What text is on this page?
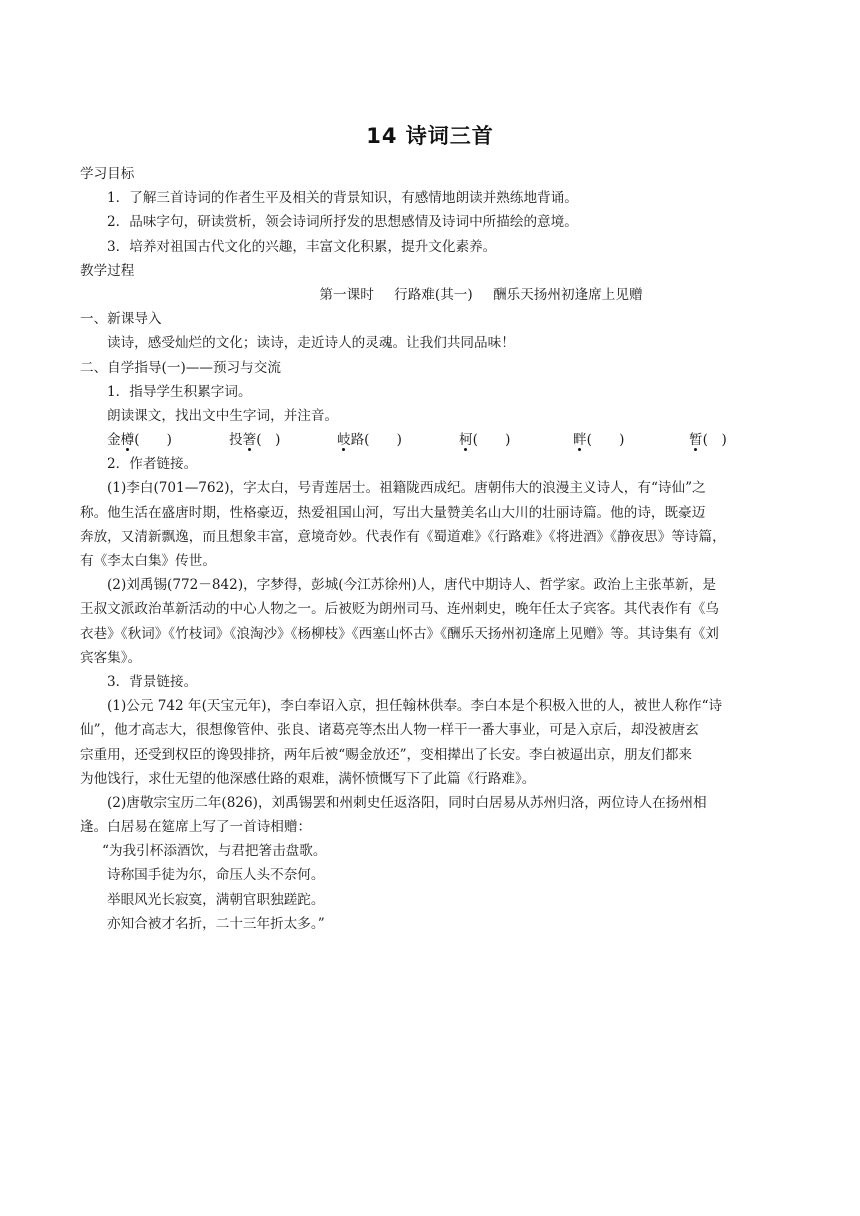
14 诗词三首
学习目标
1．了解三首诗词的作者生平及相关的背景知识，有感情地朗读并熟练地背诵。
2．品味字句，研读赏析，领会诗词所抒发的思想感情及诗词中所描绘的意境。
3．培养对祖国古代文化的兴趣，丰富文化积累，提升文化素养。
教学过程
第一课时 行路难(其一) 酬乐天扬州初逢席上见赠
一、新课导入
读诗，感受灿烂的文化；读诗，走近诗人的灵魂。让我们共同品味！
二、自学指导(一)——预习与交流
1．指导学生积累字词。
朗读课文，找出文中生字词，并注音。
金樽(　　)	投箸(　)	岐路(　　)	柯(　　)	畔(　　)	暂(　)
2．作者链接。
(1)李白(701—762)，字太白，号青莲居士。祖籍陇西成纪。唐朝伟大的浪漫主义诗人，有“诗仙”之
称。他生活在盛唐时期，性格豪迈，热爱祖国山河，写出大量赞美名山大川的壮丽诗篇。他的诗，既豪迈
奔放，又清新飘逸，而且想象丰富，意境奇妙。代表作有《蜀道难》《行路难》《将进酒》《静夜思》等诗篇，
有《李太白集》传世。
(2)刘禹锡(772－842)，字梦得，彭城(今江苏徐州)人，唐代中期诗人、哲学家。政治上主张革新，是
王叔文派政治革新活动的中心人物之一。后被贬为朗州司马、连州刺史，晚年任太子宾客。其代表作有《乌
衣巷》《秋词》《竹枝词》《浪淘沙》《杨柳枝》《西塞山怀古》《酬乐天扬州初逢席上见赠》等。其诗集有《刘
宾客集》。
3．背景链接。
(1)公元 742 年(天宝元年)，李白奉诏入京，担任翰林供奉。李白本是个积极入世的人，被世人称作“诗
仙”，他才高志大，很想像管仲、张良、诸葛亮等杰出人物一样干一番大事业，可是入京后，却没被唐玄
宗重用，还受到权臣的谗毁排挤，两年后被“赐金放还”，变相撵出了长安。李白被逼出京，朋友们都来
为他饯行，求仕无望的他深感仕路的艰难，满怀愤慨写下了此篇《行路难》。
(2)唐敬宗宝历二年(826)，刘禹锡罢和州刺史任返洛阳，同时白居易从苏州归洛，两位诗人在扬州相
逢。白居易在筵席上写了一首诗相赠：
“为我引杯添酒饮，与君把箸击盘歌。
诗称国手徒为尔，命压人头不奈何。
举眼风光长寂寞，满朝官职独蹉跎。
亦知合被才名折，二十三年折太多。”
